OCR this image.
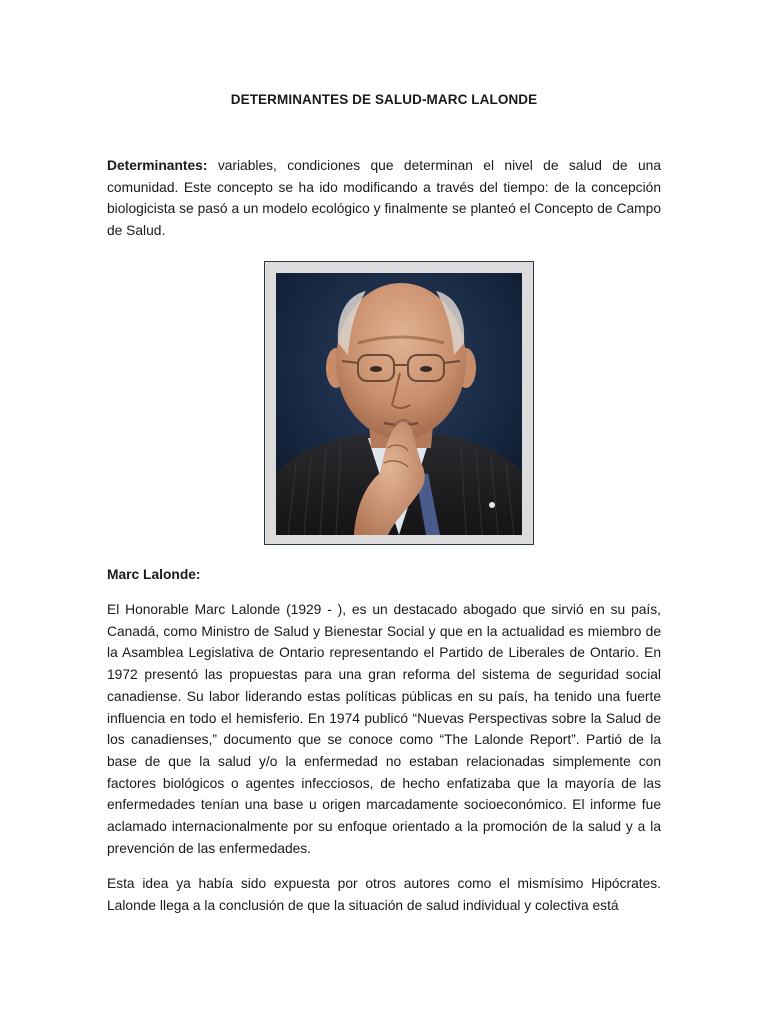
DETERMINANTES DE SALUD-MARC LALONDE

Determinantes: variables, condiciones que determinan el nivel de salud de una comunidad. Este concepto se ha ido modificando a través del tiempo: de la concepción biologicista se pasó a un modelo ecológico y finalmente se planteó el Concepto de Campo de Salud.

Marc Lalonde:

El Honorable Marc Lalonde (1929 - ), es un destacado abogado que sirvió en su país, Canadá, como Ministro de Salud y Bienestar Social y que en la actualidad es miembro de la Asamblea Legislativa de Ontario representando el Partido de Liberales de Ontario. En 1972 presentó las propuestas para una gran reforma del sistema de seguridad social canadiense. Su labor liderando estas políticas públicas en su país, ha tenido una fuerte influencia en todo el hemisferio. En 1974 publicó “Nuevas Perspectivas sobre la Salud de los canadienses,” documento que se conoce como “The Lalonde Report”. Partió de la base de que la salud y/o la enfermedad no estaban relacionadas simplemente con factores biológicos o agentes infecciosos, de hecho enfatizaba que la mayoría de las enfermedades tenían una base u origen marcadamente socioeconómico. El informe fue aclamado internacionalmente por su enfoque orientado a la promoción de la salud y a la prevención de las enfermedades.

Esta idea ya había sido expuesta por otros autores como el mismísimo Hipócrates. Lalonde llega a la conclusión de que la situación de salud individual y colectiva está
